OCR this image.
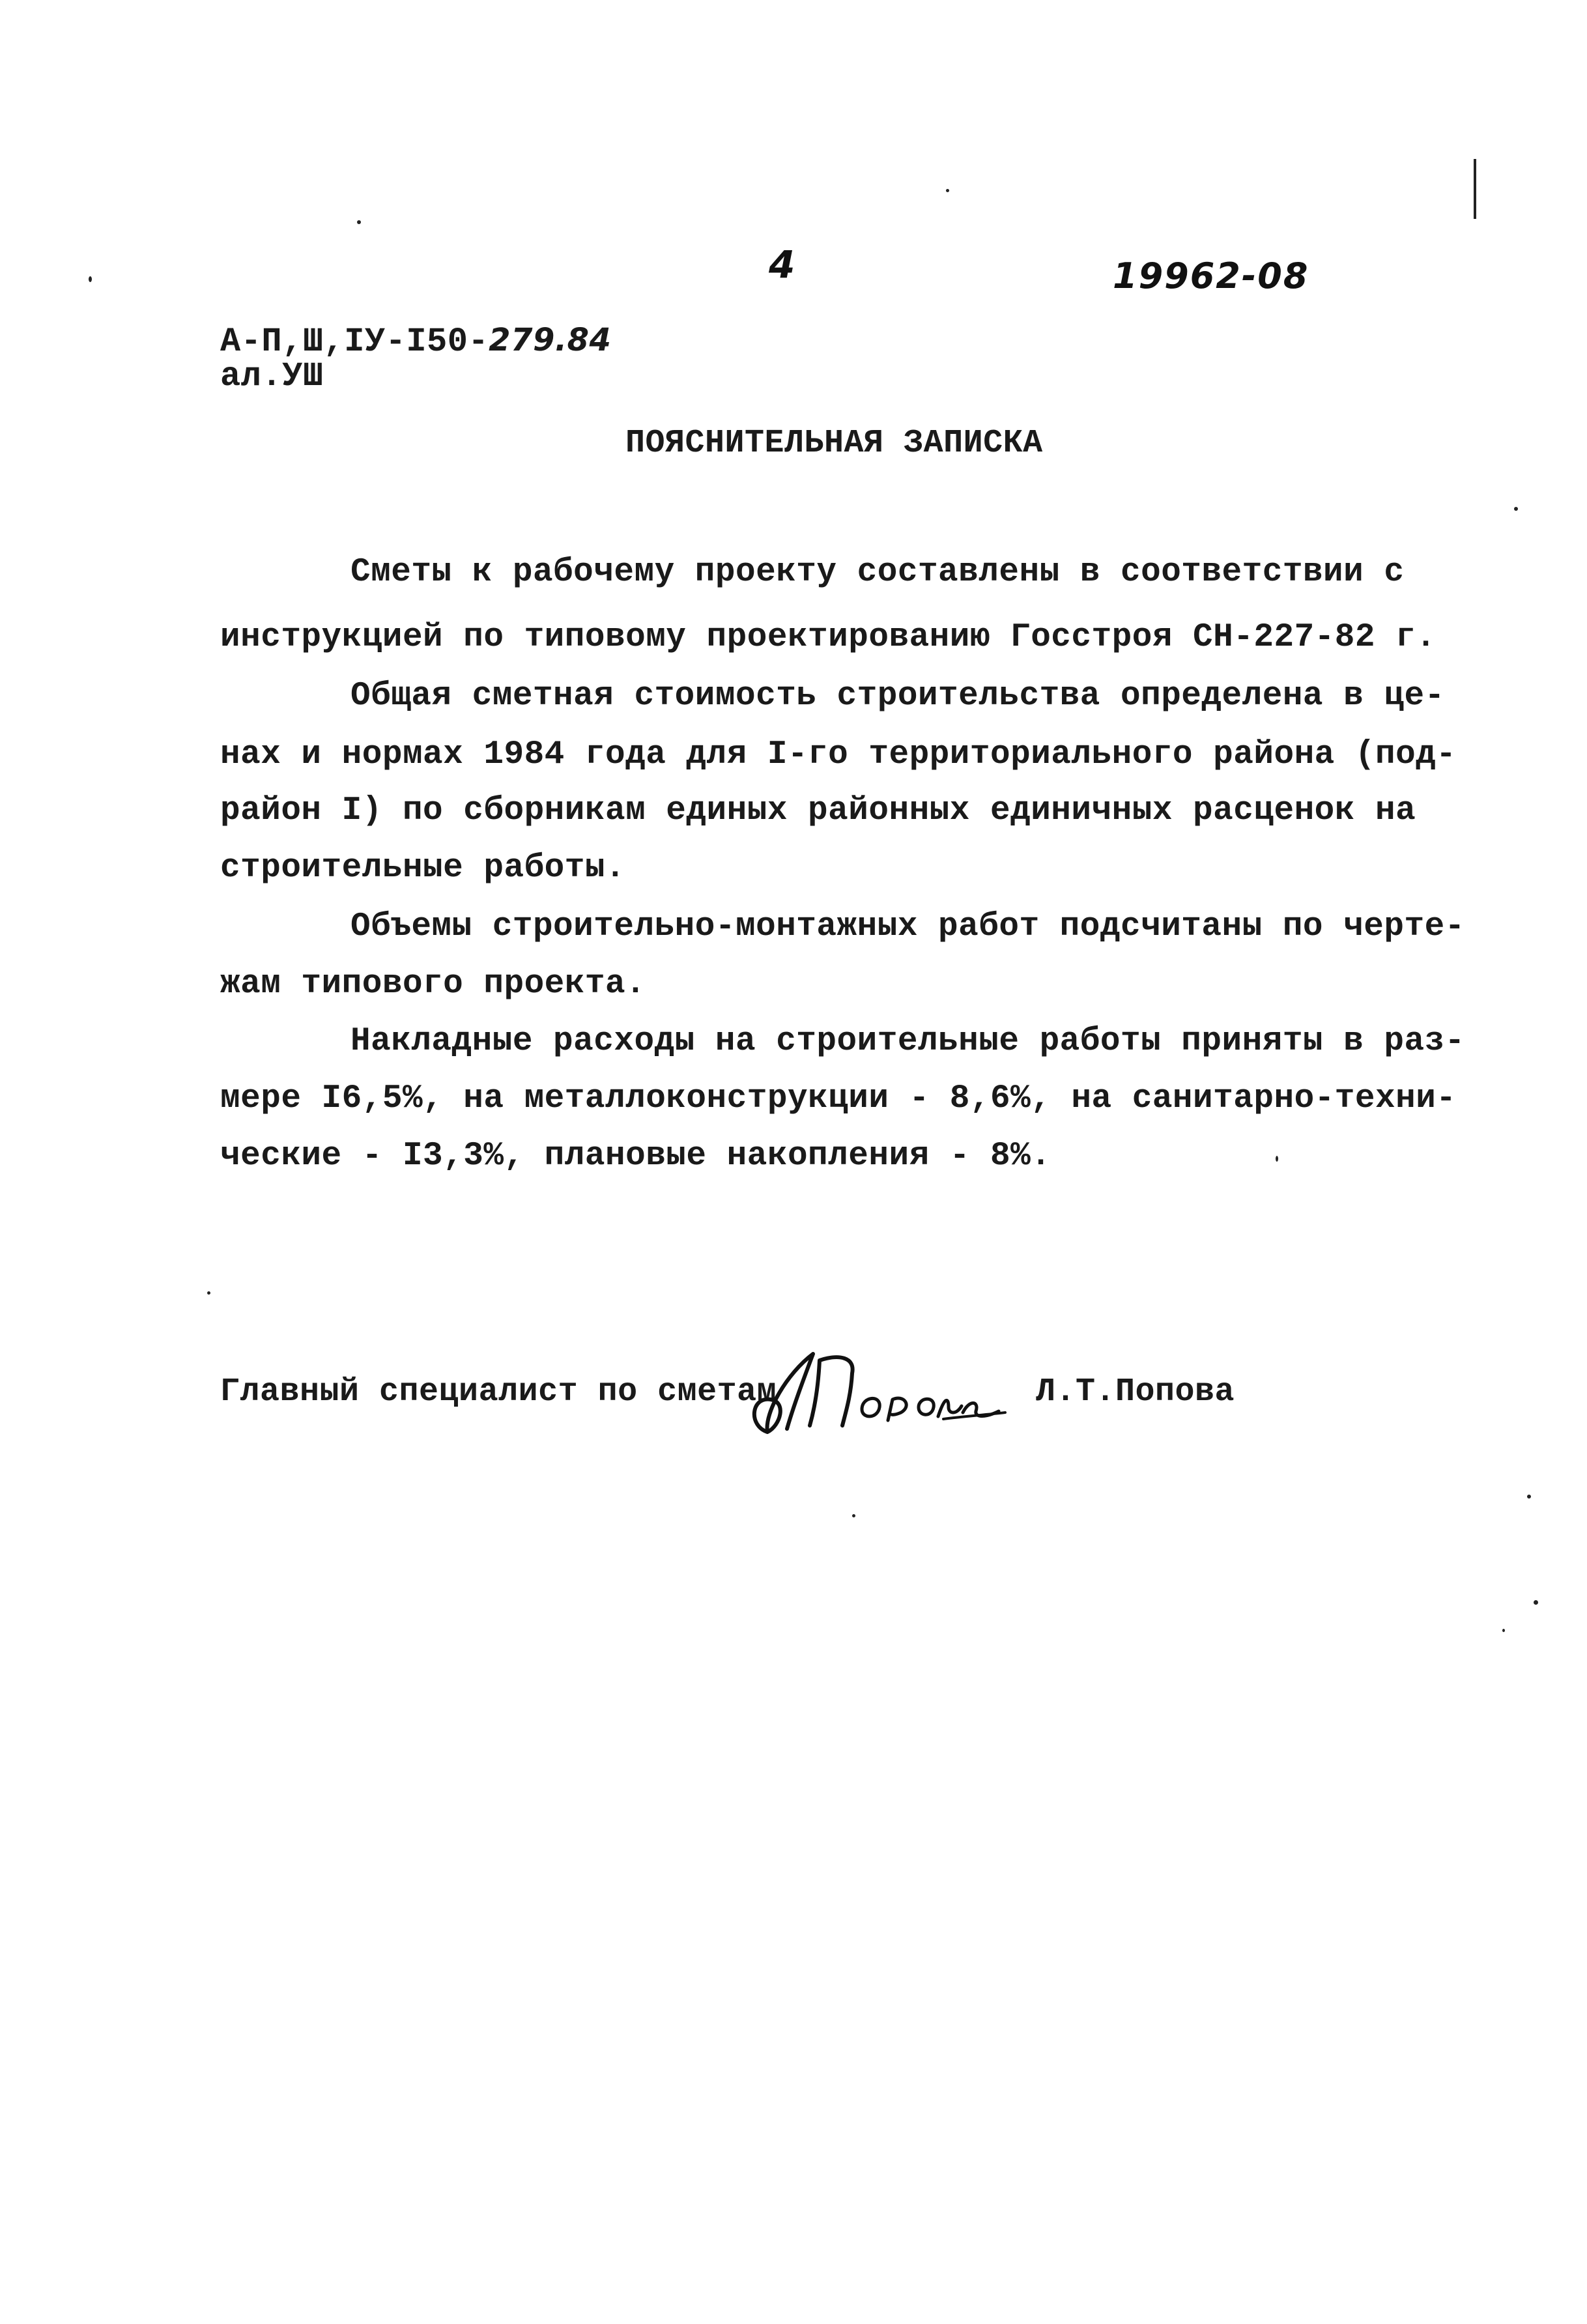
4	19962-08
А-П,Ш,IУ-I50-279.84
ал.УШ
ПОЯСНИТЕЛЬНАЯ ЗАПИСКА
Сметы к рабочему проекту составлены в соответствии с
инструкцией по типовому проектированию Госстроя СН-227-82 г.
Общая сметная стоимость строительства определена в це-
нах и нормах 1984 года для I-го территориального района (под-
район I) по сборникам единых районных единичных расценок на
строительные работы.
Объемы строительно-монтажных работ подсчитаны по черте-
жам типового проекта.
Накладные расходы на строительные работы приняты в раз-
мере I6,5%, на металлоконструкции - 8,6%, на санитарно-техни-
ческие - I3,3%, плановые накопления - 8%.
Главный специалист по сметам	Л.Т.Попова
